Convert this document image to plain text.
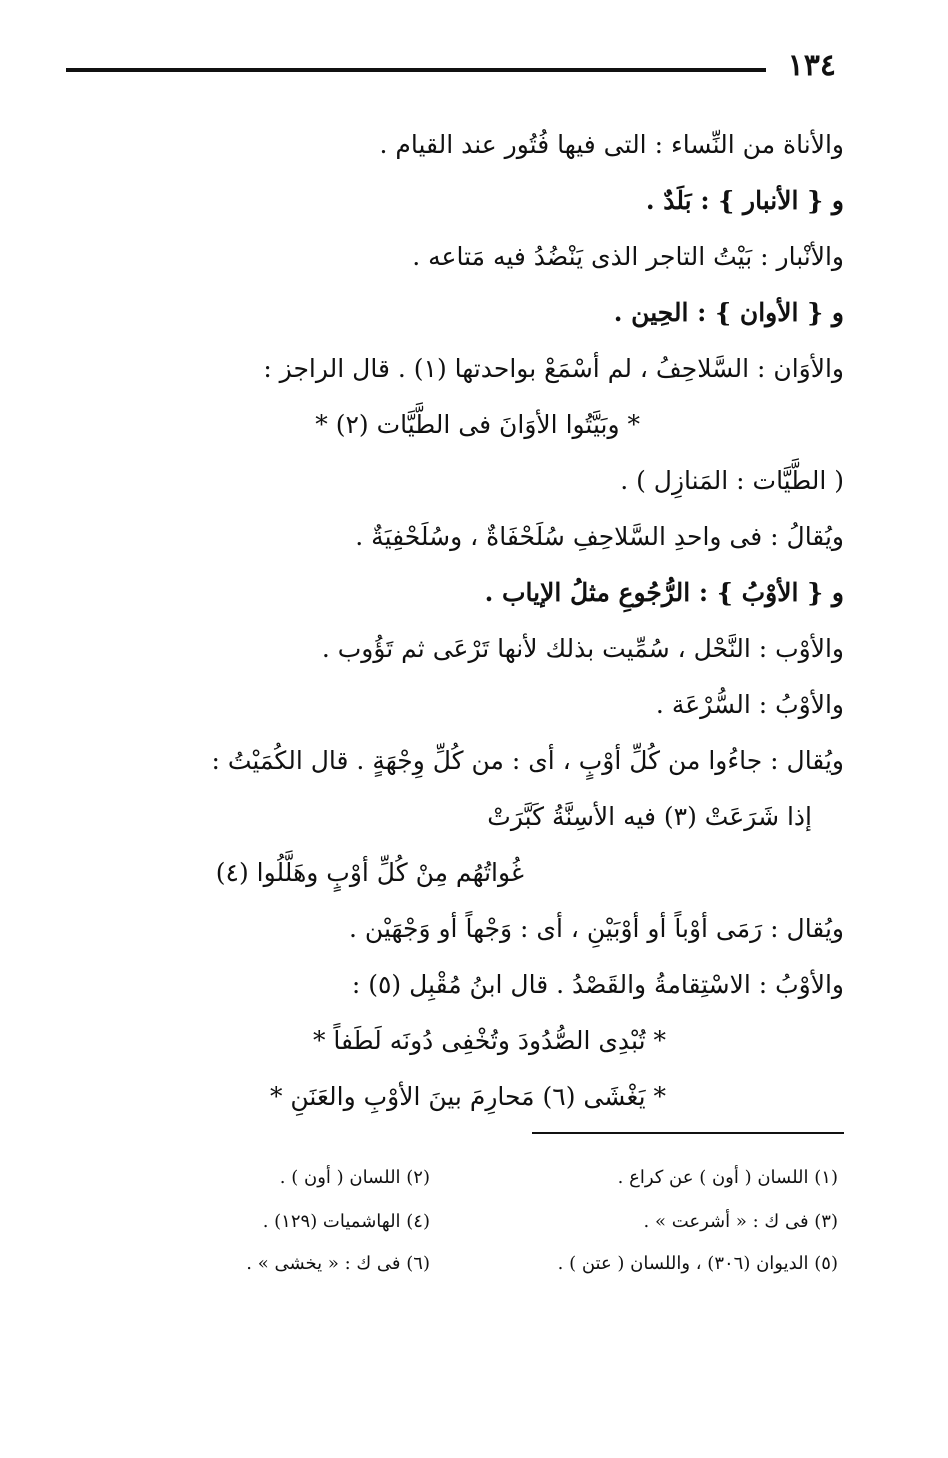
١٣٤
والأناة من النِّساء : التى فيها فُتُور عند القيام .
و { الأنبار } : بَلَدٌ .
والأنْبار : بَيْتُ التاجر الذى يَنْضُدُ فيه مَتاعه .
و { الأوان } : الحِين .
والأوَان : السَّلاحِفُ ، لم أسْمَعْ بواحدتها (١) . قال الراجز :
* وبَيَّتُوا الأوَانَ فى الطَّيَّات (٢) *
( الطَّيَّات : المَنازِل ) .
ويُقالُ : فى واحدِ السَّلاحِفِ سُلَحْفَاةٌ ، وسُلَحْفِيَةٌ .
و { الأوْبُ } : الرُّجُوعِ مثلُ الإياب .
والأوْب : النَّحْل ، سُمِّيت بذلك لأنها تَرْعَى ثم تَؤُوب .
والأوْبُ : السُّرْعَة .
ويُقال : جاءُوا من كُلِّ أوْبٍ ، أى : من كُلِّ وِجْهَةٍ . قال الكُمَيْتُ :
إذا شَرَعَتْ (٣) فيه الأسِنَّةُ كَبَّرَتْ
غُواتُهُم مِنْ كُلِّ أوْبٍ وهَلَّلُوا (٤)
ويُقال : رَمَى أوْباً أو أوْبَيْنِ ، أى : وَجْهاً أو وَجْهَيْن .
والأوْبُ : الاسْتِقامةُ والقَصْدُ . قال ابنُ مُقْبِل (٥) :
* تُبْدِى الصُّدُودَ وتُخْفِى دُونَه لَطَفاً *
* يَغْشَى (٦) مَحارِمَ بينَ الأوْبِ والعَنَنِ *
(١) اللسان ( أون ) عن كراع .
(٢) اللسان ( أون ) .
(٣) فى ك : « أشرعت » .
(٤) الهاشميات (١٢٩) .
(٥) الديوان (٣٠٦) ، واللسان ( عتن ) .
(٦) فى ك : « يخشى » .
